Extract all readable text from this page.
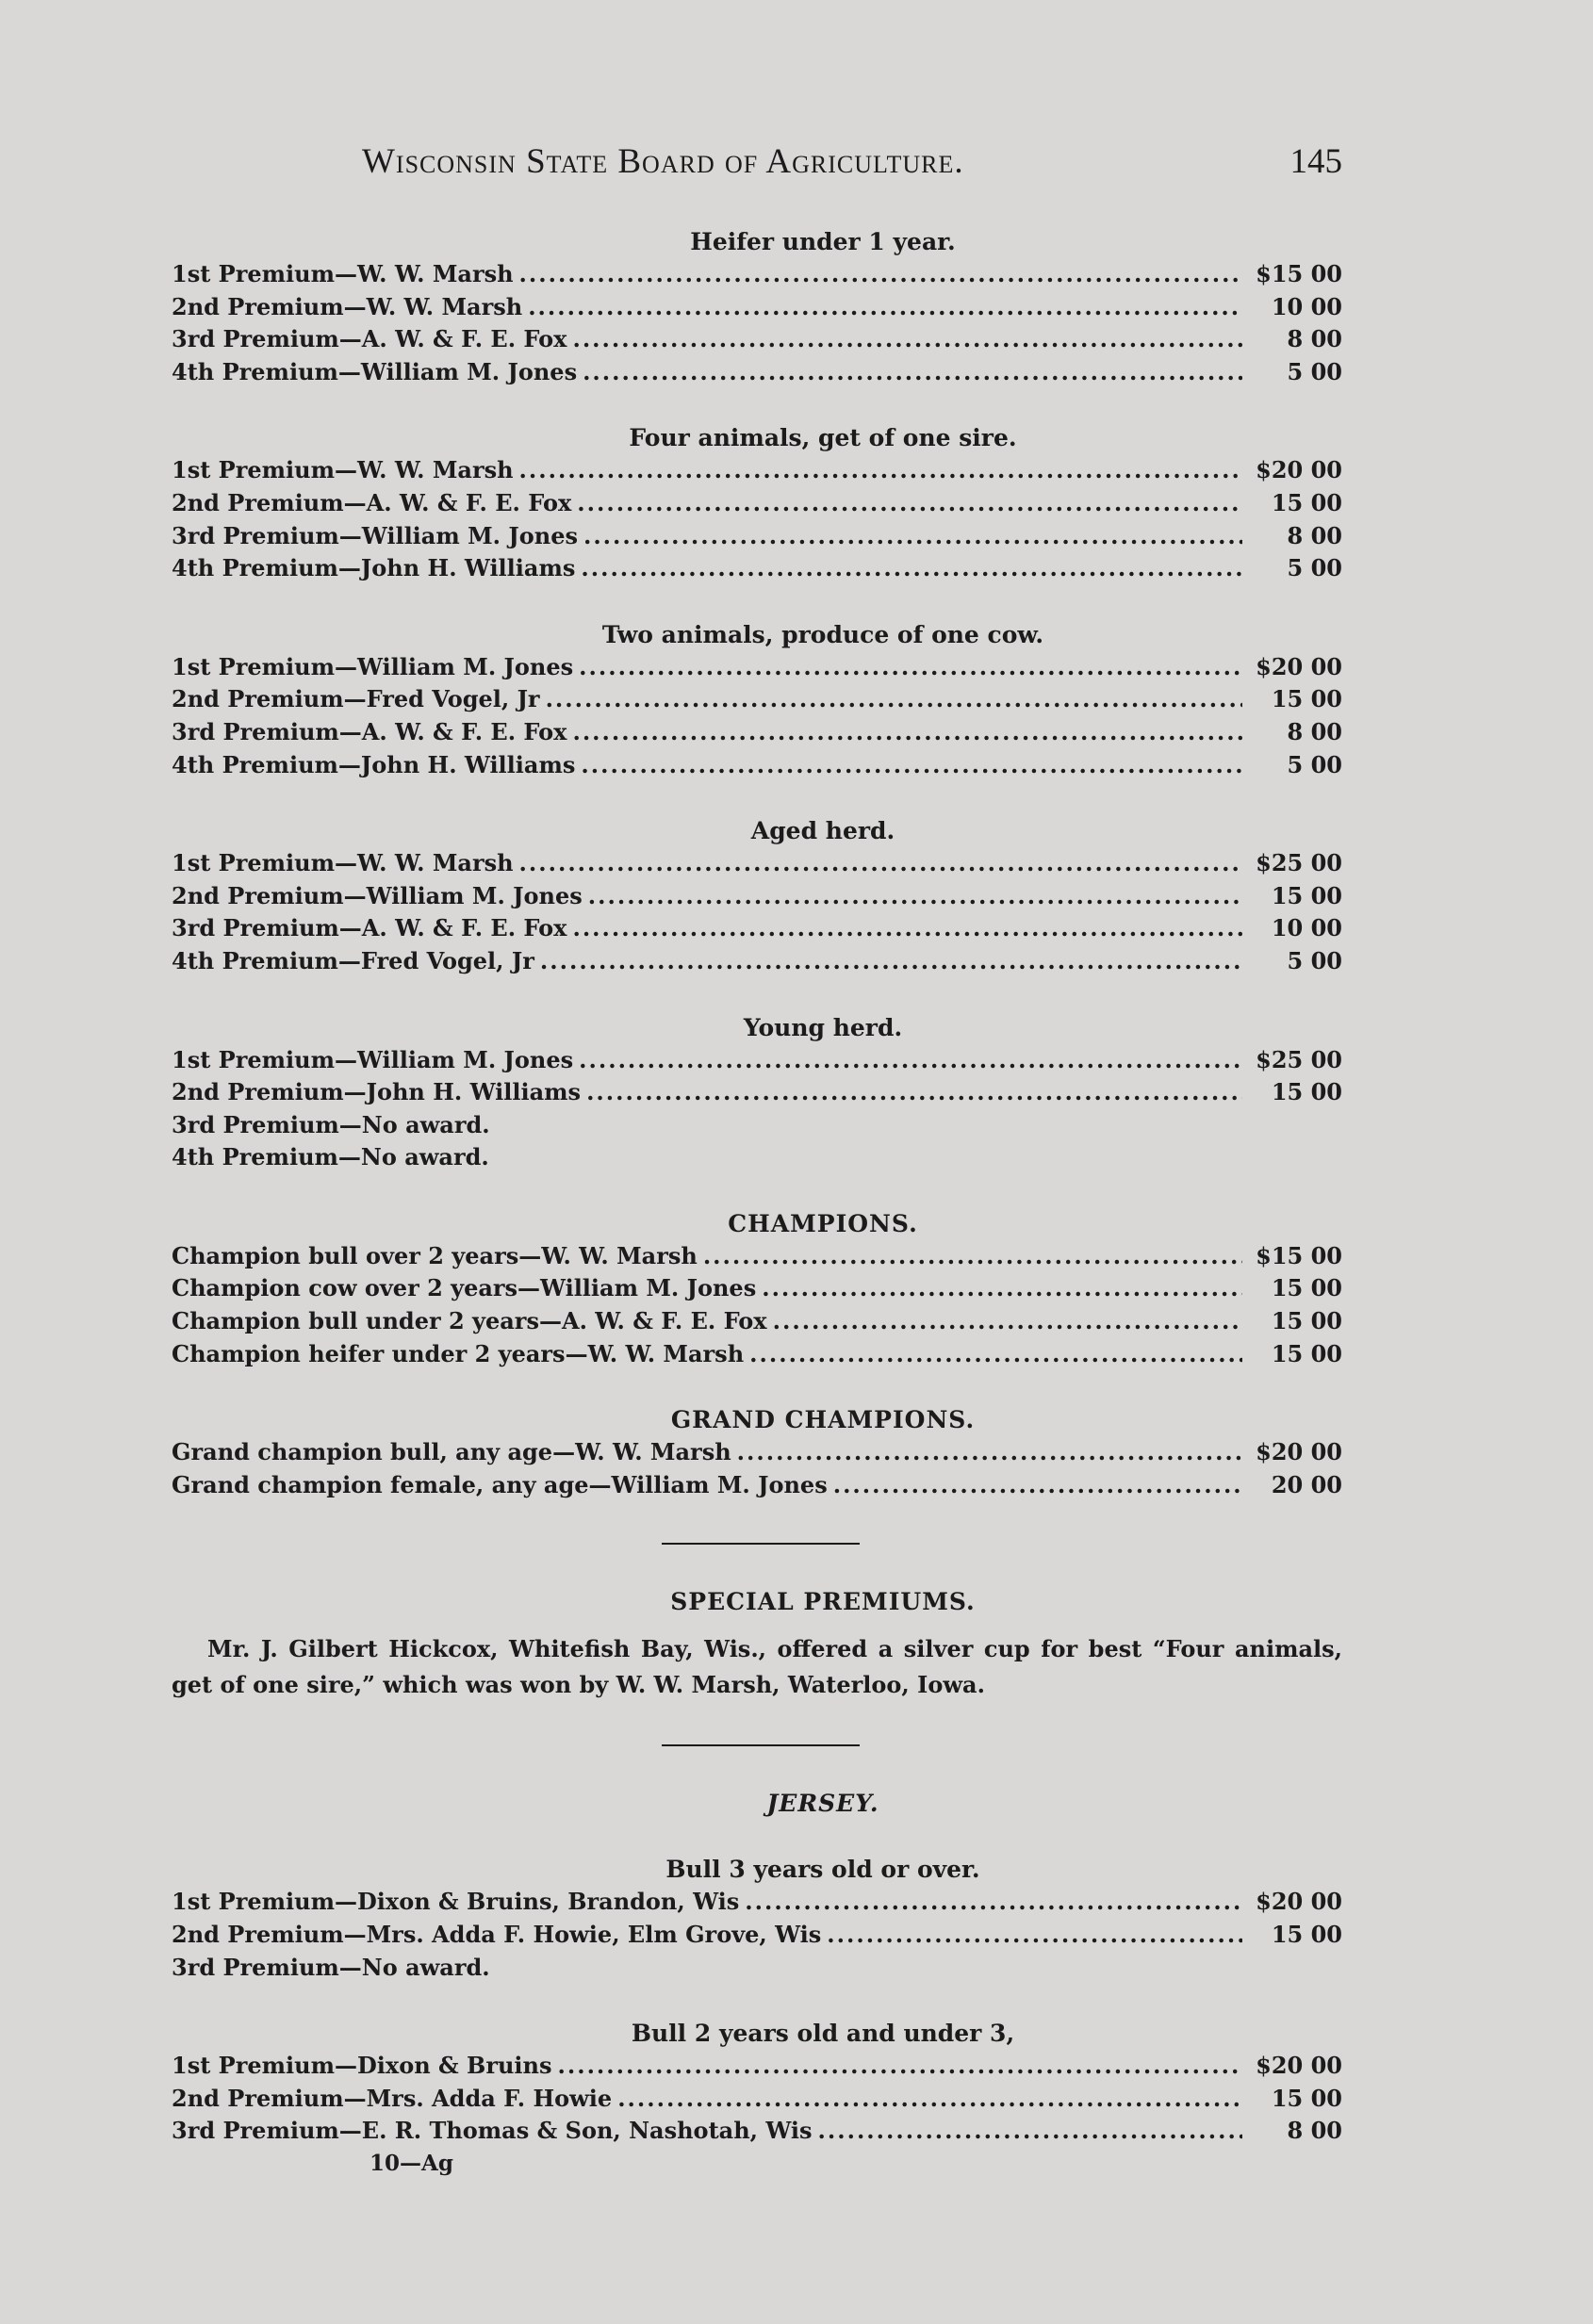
Wisconsin State Board of Agriculture.	145
Heifer under 1 year.
1st Premium—W. W. Marsh .....	$15 00
2nd Premium—W. W. Marsh .....	10 00
3rd Premium—A. W. & F. E. Fox .....	8 00
4th Premium—William M. Jones .....	5 00
Four animals, get of one sire.
1st Premium—W. W. Marsh .....	$20 00
2nd Premium—A. W. & F. E. Fox .....	15 00
3rd Premium—William M. Jones .....	8 00
4th Premium—John H. Williams .....	5 00
Two animals, produce of one cow.
1st Premium—William M. Jones .....	$20 00
2nd Premium—Fred Vogel, Jr .....	15 00
3rd Premium—A. W. & F. E. Fox .....	8 00
4th Premium—John H. Williams .....	5 00
Aged herd.
1st Premium—W. W. Marsh .....	$25 00
2nd Premium—William M. Jones .....	15 00
3rd Premium—A. W. & F. E. Fox .....	10 00
4th Premium—Fred Vogel, Jr .....	5 00
Young herd.
1st Premium—William M. Jones .....	$25 00
2nd Premium—John H. Williams .....	15 00
3rd Premium—No award.
4th Premium—No award.
CHAMPIONS.
Champion bull over 2 years—W. W. Marsh .....	$15 00
Champion cow over 2 years—William M. Jones .....	15 00
Champion bull under 2 years—A. W. & F. E. Fox .....	15 00
Champion heifer under 2 years—W. W. Marsh .....	15 00
GRAND CHAMPIONS.
Grand champion bull, any age—W. W. Marsh .....	$20 00
Grand champion female, any age—William M. Jones .....	20 00
SPECIAL PREMIUMS.
Mr. J. Gilbert Hickcox, Whitefish Bay, Wis., offered a silver cup for best “Four animals, get of one sire,” which was won by W. W. Marsh, Waterloo, Iowa.
JERSEY.
Bull 3 years old or over.
1st Premium—Dixon & Bruins, Brandon, Wis .....	$20 00
2nd Premium—Mrs. Adda F. Howie, Elm Grove, Wis .....	15 00
3rd Premium—No award.
Bull 2 years old and under 3,
1st Premium—Dixon & Bruins .....	$20 00
2nd Premium—Mrs. Adda F. Howie .....	15 00
3rd Premium—E. R. Thomas & Son, Nashotah, Wis .....	8 00
10—Ag
